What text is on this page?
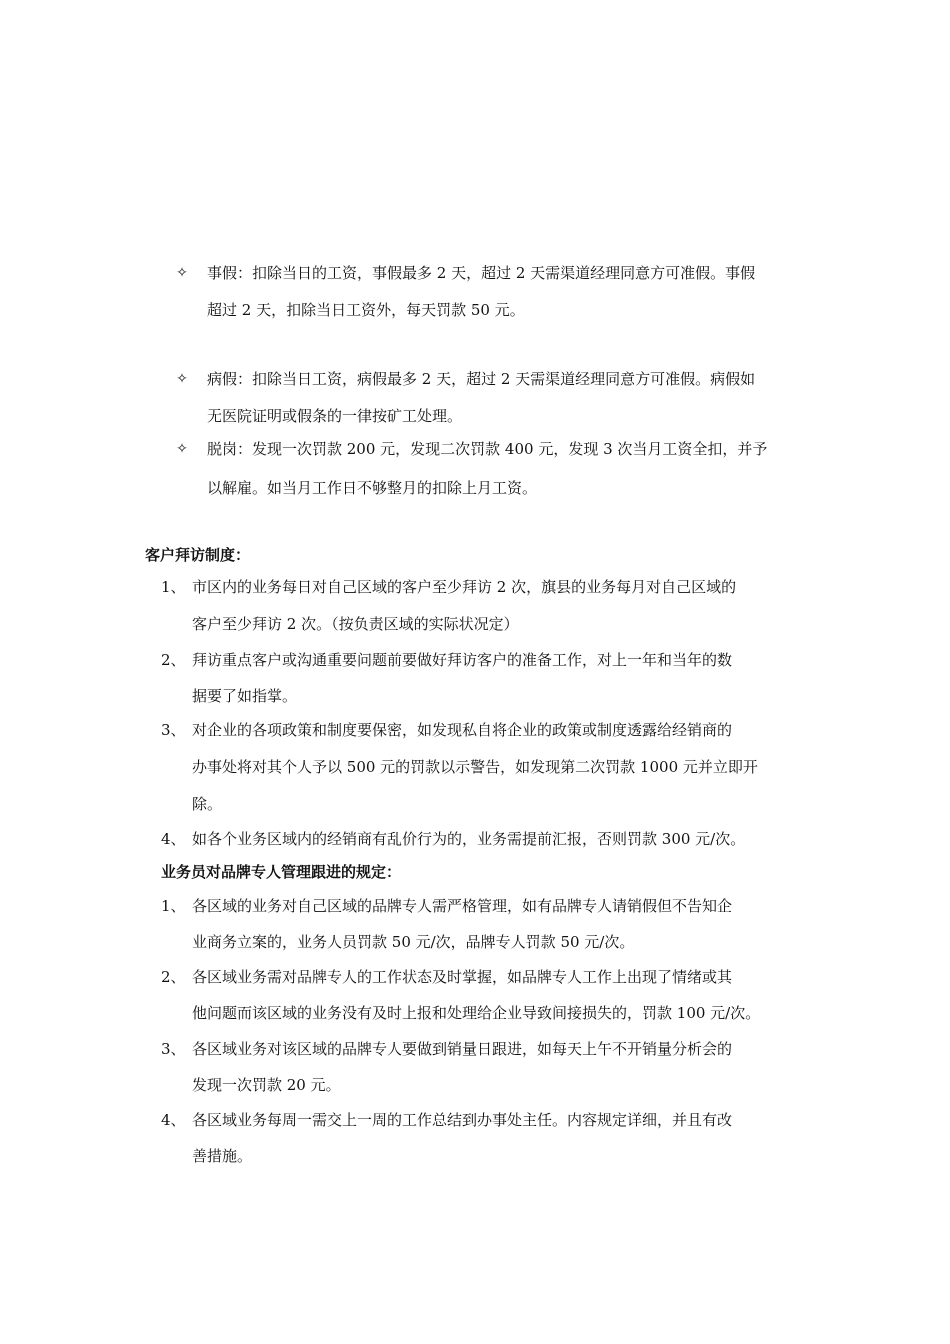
✧ 事假：扣除当日的工资，事假最多 2 天，超过 2 天需渠道经理同意方可准假。事假
超过 2 天，扣除当日工资外，每天罚款 50 元。
✧ 病假：扣除当日工资，病假最多 2 天，超过 2 天需渠道经理同意方可准假。病假如
无医院证明或假条的一律按矿工处理。
✧ 脱岗：发现一次罚款 200 元，发现二次罚款 400 元，发现 3 次当月工资全扣，并予
以解雇。如当月工作日不够整月的扣除上月工资。
客户拜访制度：
1、 市区内的业务每日对自己区域的客户至少拜访 2 次，旗县的业务每月对自己区域的
客户至少拜访 2 次。（按负责区域的实际状况定）
2、 拜访重点客户或沟通重要问题前要做好拜访客户的准备工作，对上一年和当年的数
据要了如指掌。
3、 对企业的各项政策和制度要保密，如发现私自将企业的政策或制度透露给经销商的
办事处将对其个人予以 500 元的罚款以示警告，如发现第二次罚款 1000 元并立即开
除。
4、 如各个业务区域内的经销商有乱价行为的，业务需提前汇报，否则罚款 300 元/次。
业务员对品牌专人管理跟进的规定：
1、 各区域的业务对自己区域的品牌专人需严格管理，如有品牌专人请销假但不告知企
业商务立案的，业务人员罚款 50 元/次，品牌专人罚款 50 元/次。
2、 各区域业务需对品牌专人的工作状态及时掌握，如品牌专人工作上出现了情绪或其
他问题而该区域的业务没有及时上报和处理给企业导致间接损失的，罚款 100 元/次。
3、 各区域业务对该区域的品牌专人要做到销量日跟进，如每天上午不开销量分析会的
发现一次罚款 20 元。
4、 各区域业务每周一需交上一周的工作总结到办事处主任。内容规定详细，并且有改
善措施。
